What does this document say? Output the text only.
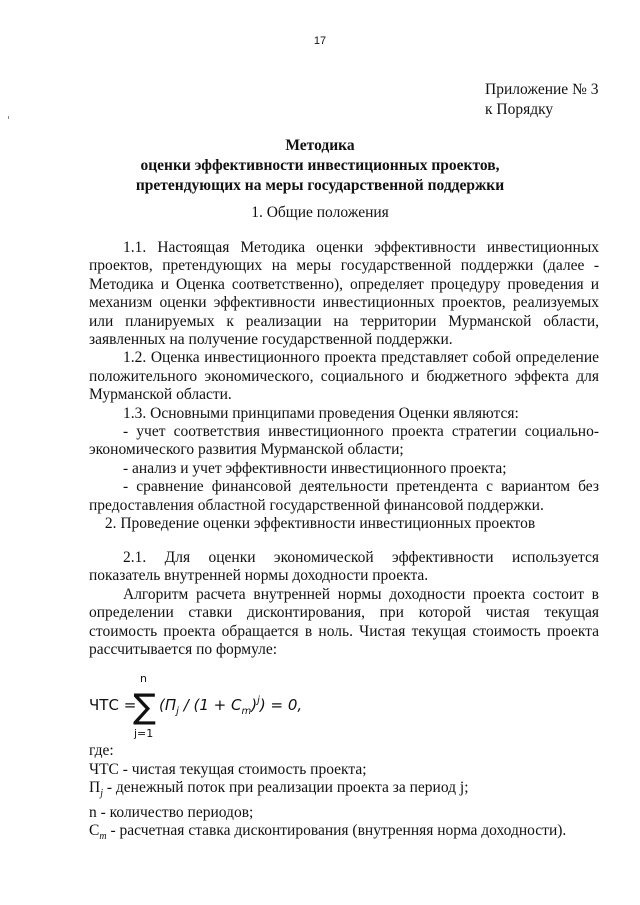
17
Приложение № 3
к Порядку
Методика
оценки эффективности инвестиционных проектов,
претендующих на меры государственной поддержки
1. Общие положения

1.1. Настоящая Методика оценки эффективности инвестиционных проектов, претендующих на меры государственной поддержки (далее - Методика и Оценка соответственно), определяет процедуру проведения и механизм оценки эффективности инвестиционных проектов, реализуемых или планируемых к реализации на территории Мурманской области, заявленных на получение государственной поддержки.

1.2. Оценка инвестиционного проекта представляет собой определение положительного экономического, социального и бюджетного эффекта для Мурманской области.

1.3. Основными принципами проведения Оценки являются:

- учет соответствия инвестиционного проекта стратегии социально-экономического развития Мурманской области;

- анализ и учет эффективности инвестиционного проекта;

- сравнение финансовой деятельности претендента с вариантом без предоставления областной государственной финансовой поддержки.

2. Проведение оценки эффективности инвестиционных проектов

2.1. Для оценки экономической эффективности используется показатель внутренней нормы доходности проекта.

Алгоритм расчета внутренней нормы доходности проекта состоит в определении ставки дисконтирования, при которой чистая текущая стоимость проекта обращается в ноль. Чистая текущая стоимость проекта рассчитывается по формуле:

ЧТС =
n
∑
j=1
$(П_j / (1 + C_m)^j) = 0$,

где:

ЧТС - чистая текущая стоимость проекта;

$П_j$ - денежный поток при реализации проекта за период j;

n - количество периодов;

$C_m$ - расчетная ставка дисконтирования (внутренняя норма доходности).
